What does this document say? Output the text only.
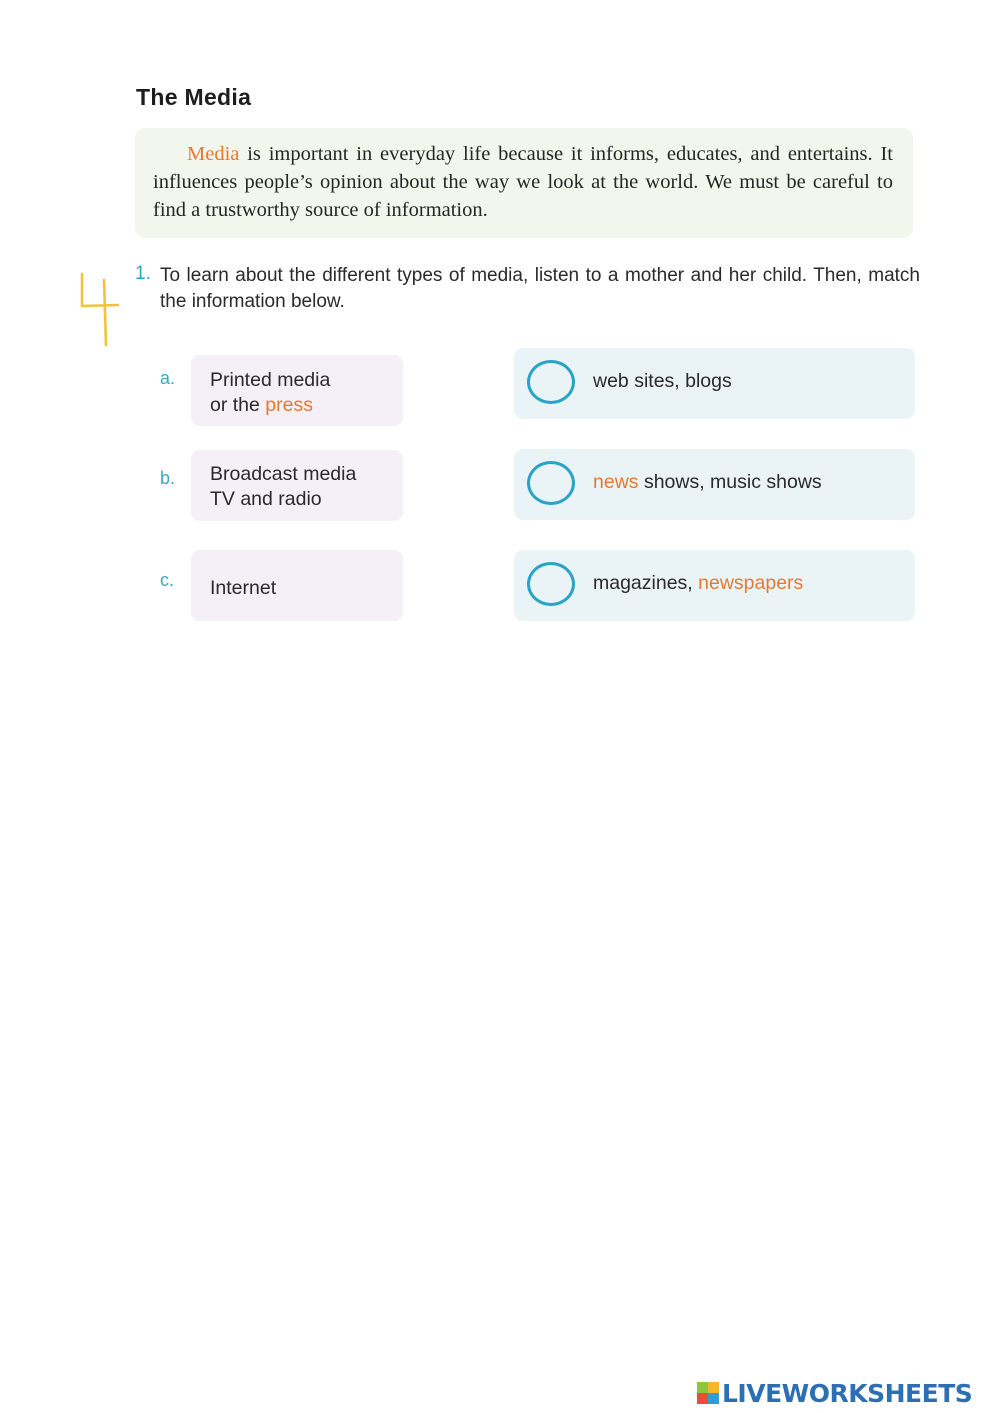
The Media
Media is important in everyday life because it informs, educates, and entertains. It influences people’s opinion about the way we look at the world. We must be careful to find a trustworthy source of information.
1. To learn about the different types of media, listen to a mother and her child. Then, match the information below.
a. Printed media
or the press
web sites, blogs
b. Broadcast media
TV and radio
news shows, music shows
c. Internet	magazines, newspapers
LIVEWORKSHEETS
